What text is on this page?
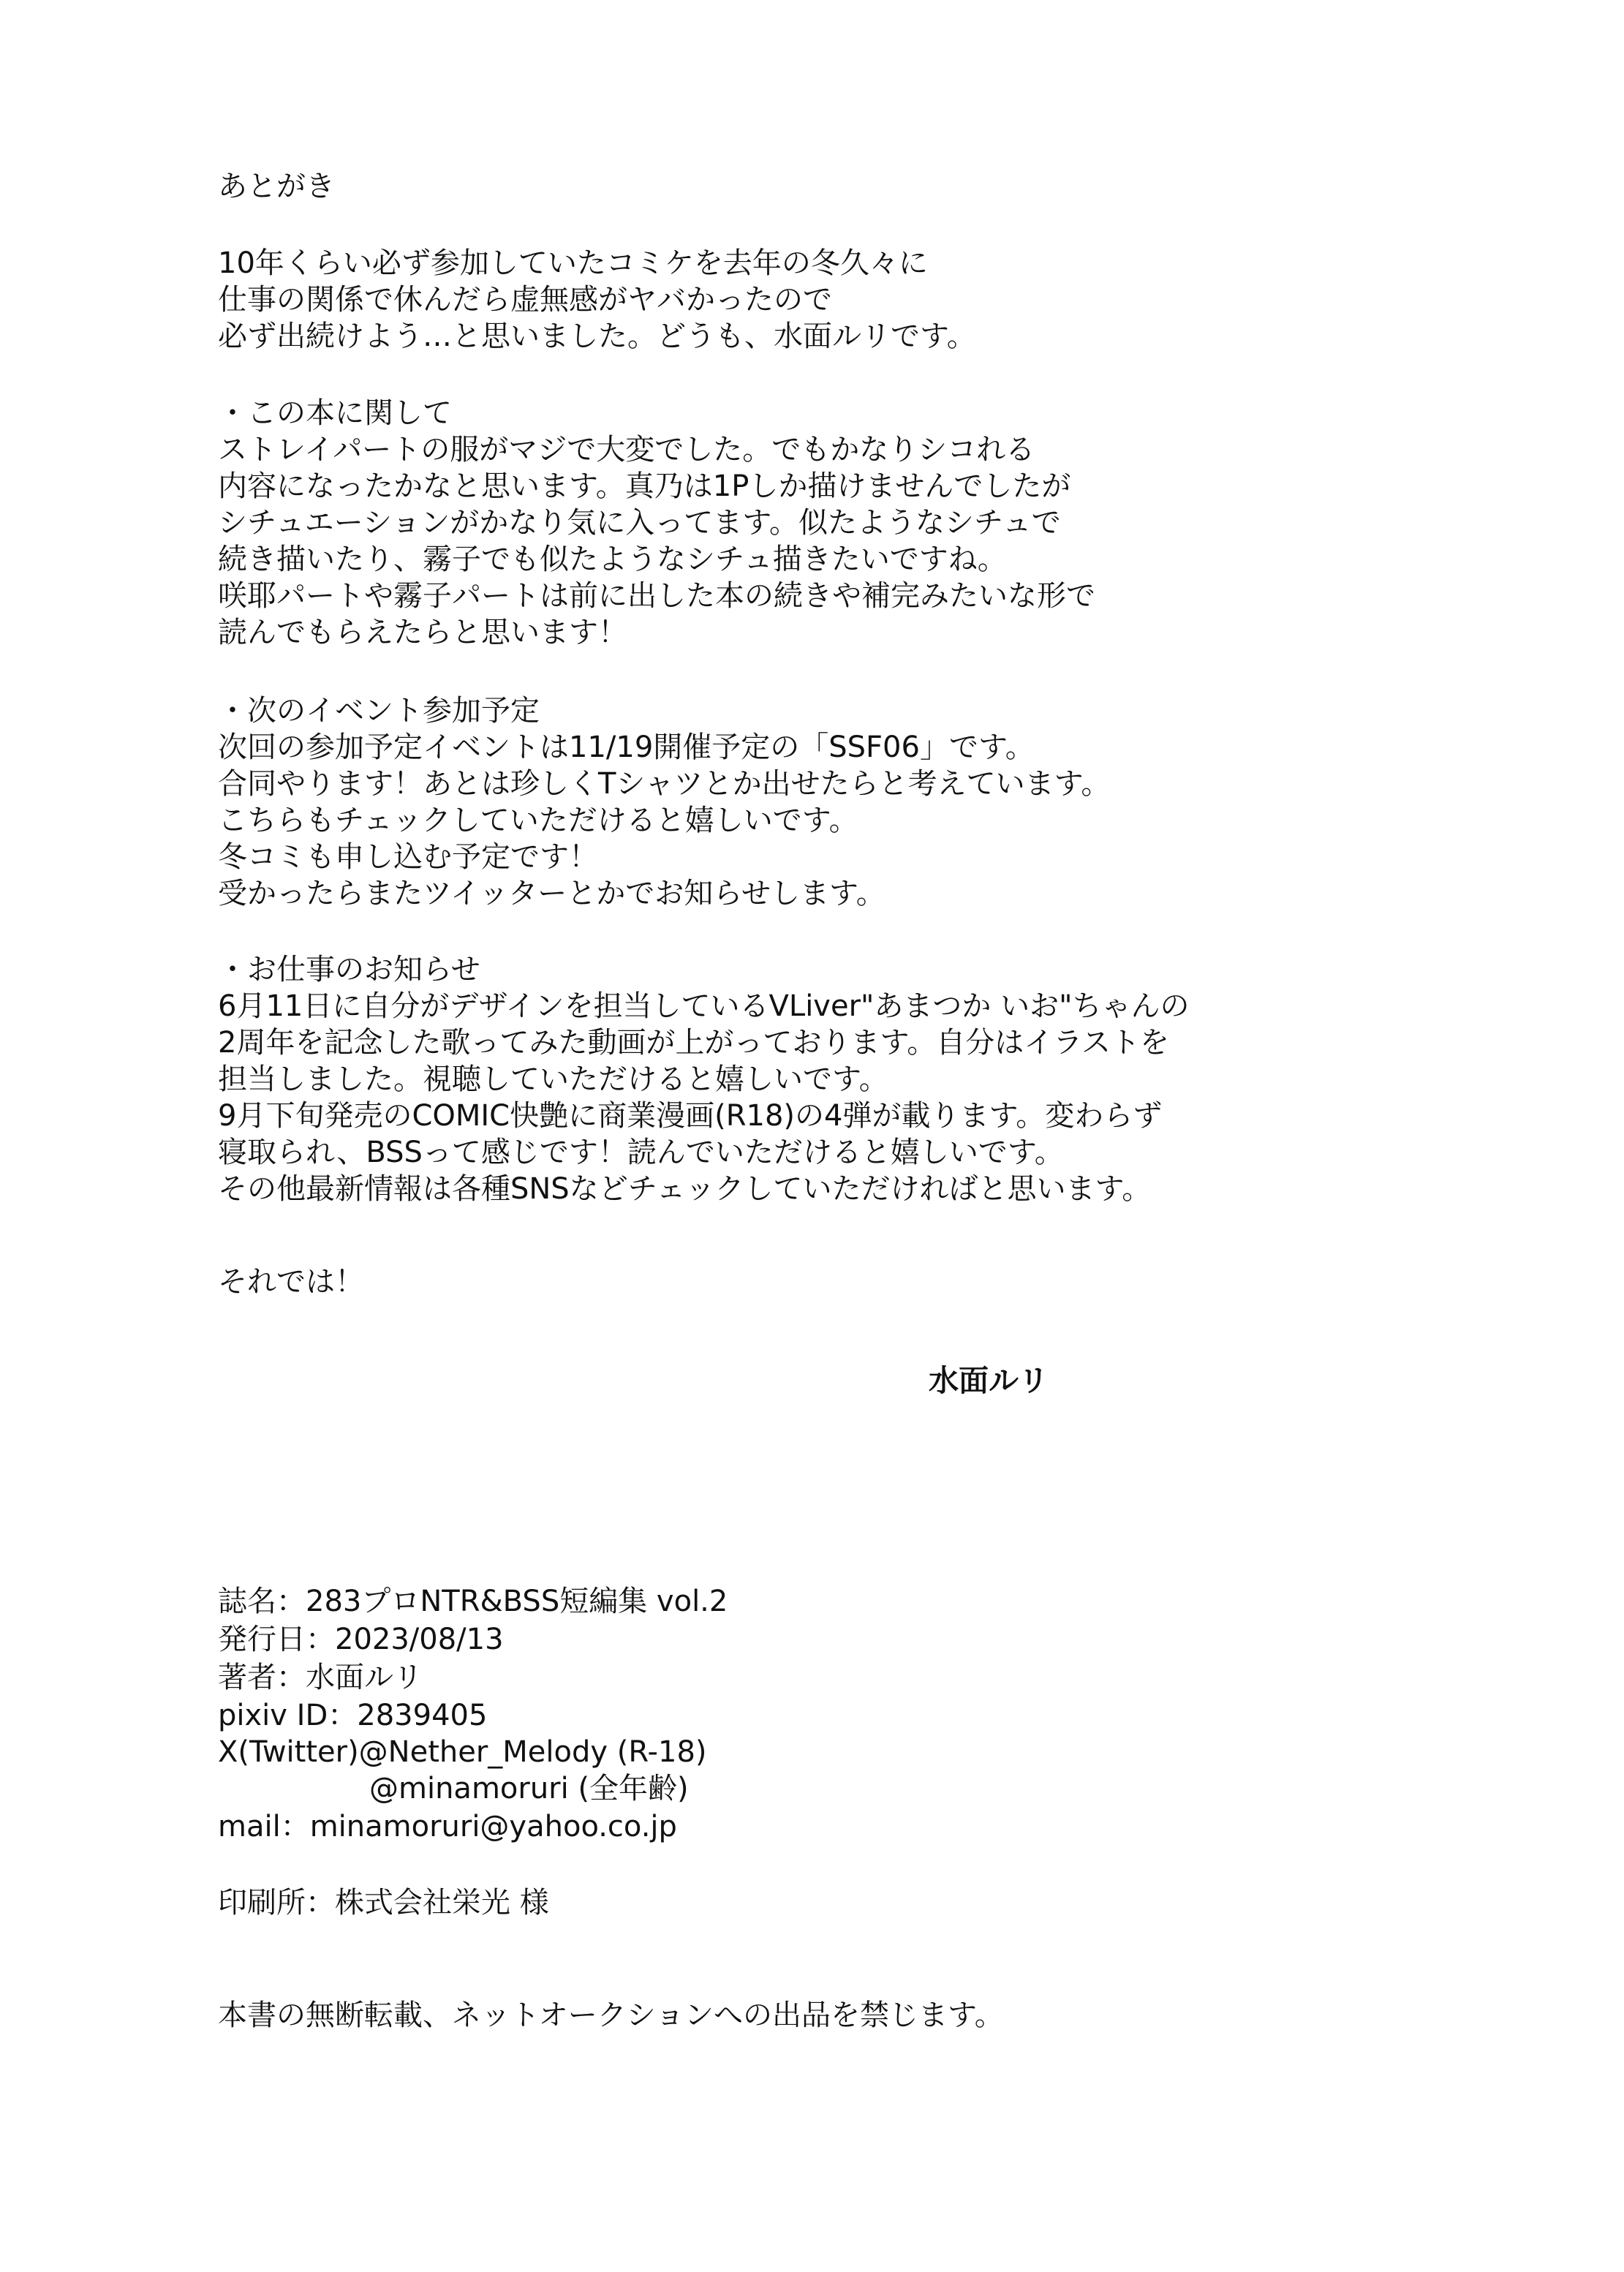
あとがき

10年くらい必ず参加していたコミケを去年の冬久々に

仕事の関係で休んだら虚無感がヤバかったので

必ず出続けよう…と思いました。どうも、水面ルリです。

・この本に関して

ストレイパートの服がマジで大変でした。でもかなりシコれる

内容になったかなと思います。真乃は1Pしか描けませんでしたが

シチュエーションがかなり気に入ってます。似たようなシチュで

続き描いたり、霧子でも似たようなシチュ描きたいですね。

咲耶パートや霧子パートは前に出した本の続きや補完みたいな形で

読んでもらえたらと思います！

・次のイベント参加予定

次回の参加予定イベントは11/19開催予定の「SSF06」です。

合同やります！あとは珍しくTシャツとか出せたらと考えています。

こちらもチェックしていただけると嬉しいです。

冬コミも申し込む予定です！

受かったらまたツイッターとかでお知らせします。

・お仕事のお知らせ

6月11日に自分がデザインを担当しているVLiver"あまつか いお"ちゃんの

2周年を記念した歌ってみた動画が上がっております。自分はイラストを

担当しました。視聴していただけると嬉しいです。

9月下旬発売のCOMIC快艶に商業漫画(R18)の4弾が載ります。変わらず

寝取られ、BSSって感じです！読んでいただけると嬉しいです。

その他最新情報は各種SNSなどチェックしていただければと思います。

それでは！

水面ルリ

誌名：283プロNTR&BSS短編集 vol.2

発行日：2023/08/13

著者：水面ルリ

pixiv ID：2839405

X(Twitter)@Nether_Melody (R-18)

@minamoruri (全年齢)

mail：minamoruri@yahoo.co.jp

印刷所：株式会社栄光 様

本書の無断転載、ネットオークションへの出品を禁じます。
